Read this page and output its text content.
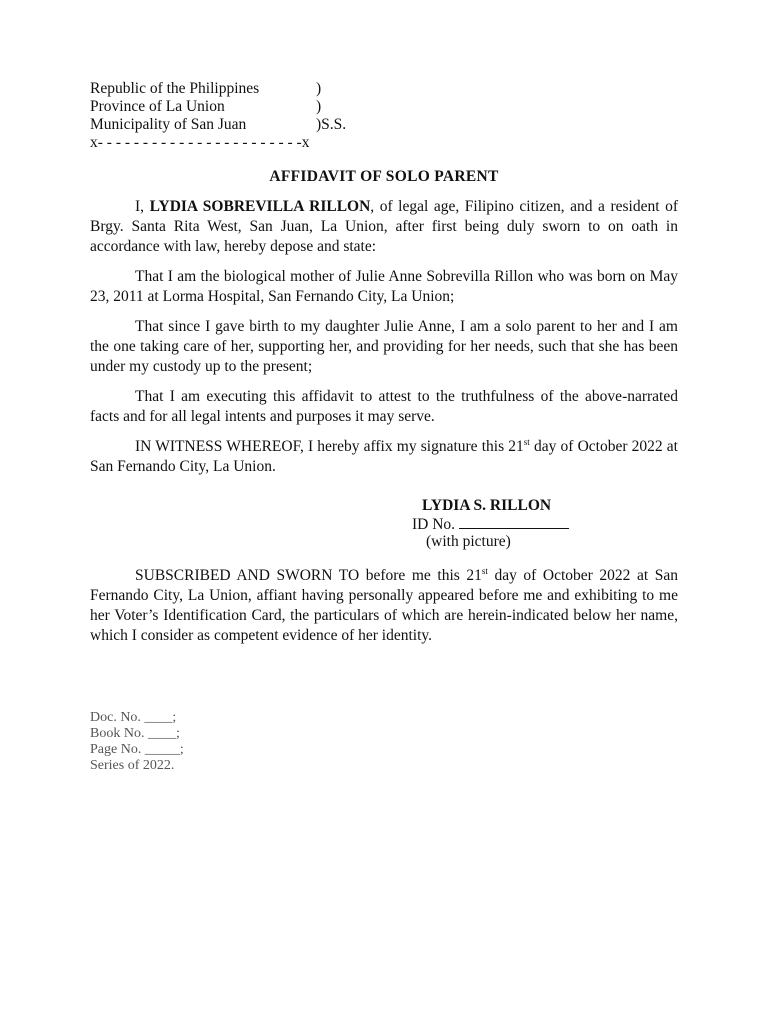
Republic of the Philippines	)
Province of La Union	)
Municipality of San Juan	)S.S.
x- - - - - - - - - - - - - - - - - - - - - - -x
AFFIDAVIT OF SOLO PARENT

I, LYDIA SOBREVILLA RILLON, of legal age, Filipino citizen, and a resident of Brgy. Santa Rita West, San Juan, La Union, after first being duly sworn to on oath in accordance with law, hereby depose and state:

That I am the biological mother of Julie Anne Sobrevilla Rillon who was born on May 23, 2011 at Lorma Hospital, San Fernando City, La Union;

That since I gave birth to my daughter Julie Anne, I am a solo parent to her and I am the one taking care of her, supporting her, and providing for her needs, such that she has been under my custody up to the present;

That I am executing this affidavit to attest to the truthfulness of the above-narrated facts and for all legal intents and purposes it may serve.

IN WITNESS WHEREOF, I hereby affix my signature this 21st day of October 2022 at San Fernando City, La Union.

LYDIA S. RILLON
ID No.
(with picture)

SUBSCRIBED AND SWORN TO before me this 21st day of October 2022 at San Fernando City, La Union, affiant having personally appeared before me and exhibiting to me her Voter’s Identification Card, the particulars of which are herein-indicated below her name, which I consider as competent evidence of her identity.

Doc. No. ____;
Book No. ____;
Page No. _____;
Series of 2022.
